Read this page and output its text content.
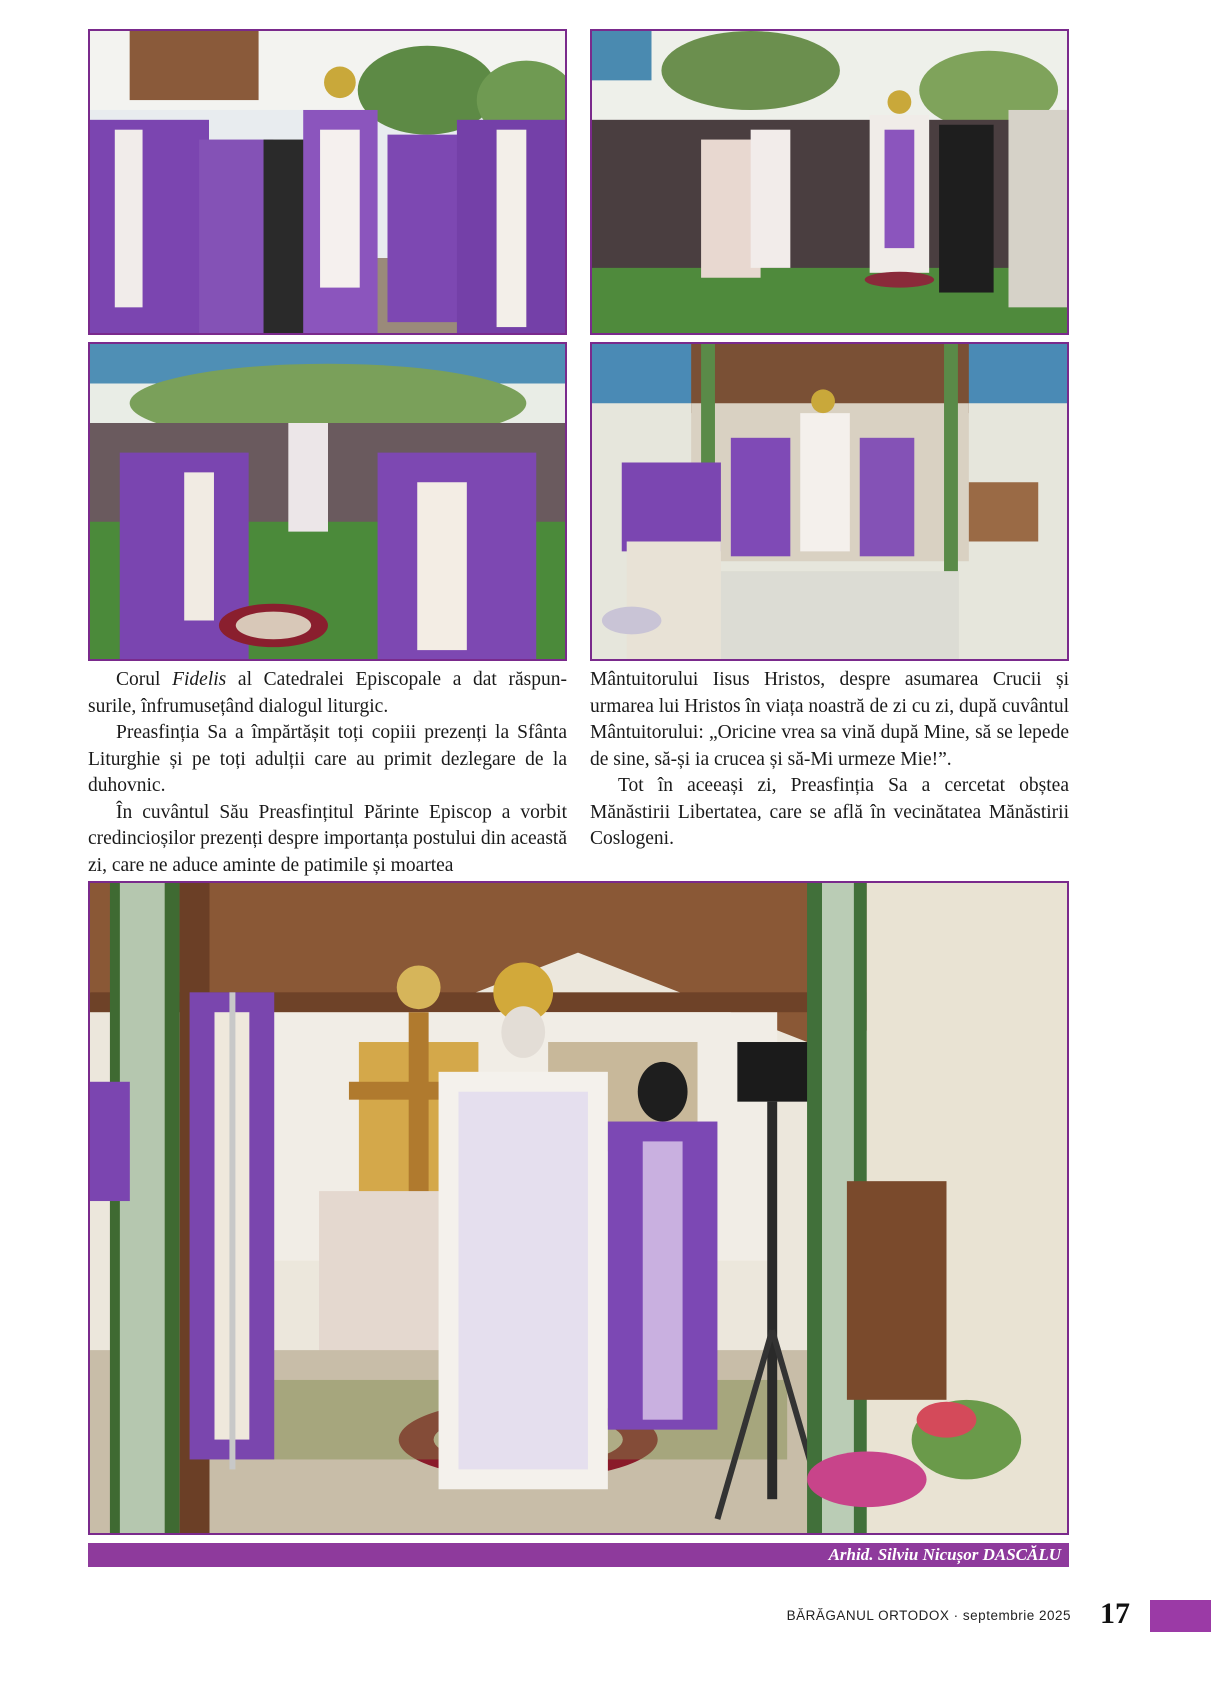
Corul Fidelis al Catedralei Episcopale a dat răspun-surile, înfrumusețând dialogul liturgic.

Preasfinția Sa a împărtășit toți copiii prezenți la Sfânta Liturghie și pe toți adulții care au primit dezlegare de la duhovnic.

În cuvântul Său Preasfințitul Părinte Episcop a vorbit credincioșilor prezenți despre importanța postului din această zi, care ne aduce aminte de patimile și moartea

Mântuitorului Iisus Hristos, despre asumarea Crucii și urmarea lui Hristos în viața noastră de zi cu zi, după cuvântul Mântuitorului: „Oricine vrea sa vină după Mine, să se lepede de sine, să-și ia crucea și să-Mi urmeze Mie!”.

Tot în aceeași zi, Preasfinția Sa a cercetat obștea Mănăstirii Libertatea, care se află în vecinătatea Mănăstirii Coslogeni.

Arhid. Silviu Nicușor DASCĂLU
BĂRĂGANUL ORTODOX · septembrie 2025 17
